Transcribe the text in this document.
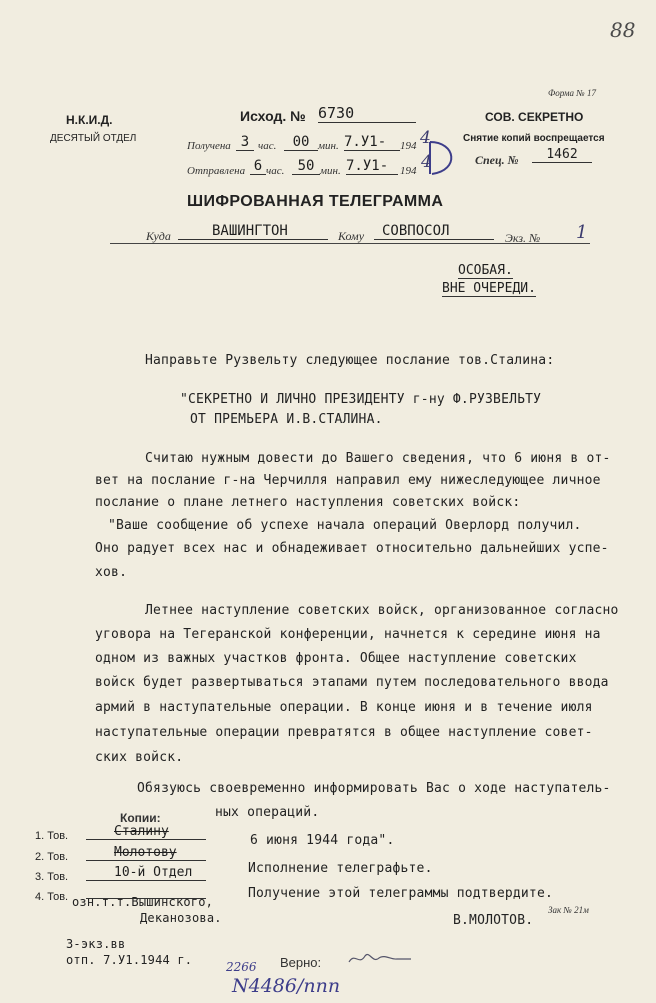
88
Форма № 17
Н.К.И.Д.
ДЕСЯТЫЙ ОТДЕЛ
Исход. № 6730
Получена 3 час.	00 мин. 7.У1-	194 4
Отправлена 6 час. 50 мин. 7.У1-	194 4
СОВ. СЕКРЕТНО
Снятие копий воспрещается
Спец. №	1462
ШИФРОВАННАЯ ТЕЛЕГРАММА
Куда	ВАШИНГТОН	Кому	СОВПОСОЛ	Экз. № 1
ОСОБАЯ.
ВНЕ ОЧЕРЕДИ.
Направьте Рузвельту следующее послание тов.Сталина:
"СЕКРЕТНО И ЛИЧНО ПРЕЗИДЕНТУ г-ну Ф.РУЗВЕЛЬТУ
ОТ ПРЕМЬЕРА И.В.СТАЛИНА.
Считаю нужным довести до Вашего сведения, что 6 июня в от-
вет на послание г-на Черчилля направил ему нижеследующее личное
послание о плане летнего наступления советских войск:
"Ваше сообщение об успехе начала операций Оверлорд получил.
Оно радует всех нас и обнадеживает относительно дальнейших успе-
хов.
Летнее наступление советских войск, организованное согласно
уговора на Тегеранской конференции, начнется к середине июня на
одном из важных участков фронта. Общее наступление советских
войск будет развертываться этапами путем последовательного ввода
армий в наступательные операции. В конце июня и в течение июля
наступательные операции превратятся в общее наступление совет-
ских войск.
Обязуюсь своевременно информировать Вас о ходе наступатель-
ных операций.
6 июня 1944 года".
Исполнение телеграфьте.
Получение этой телеграммы подтвердите.
Зак № 21м
В.МОЛОТОВ.
Копии:
1. Тов.	Сталину
2. Тов.	Молотову
3. Тов.	10-й Отдел
4. Тов. озн.т.т.Вышинского,
Деканозова.
3-экз.вв
отп. 7.У1.1944 г.	2266
N4486/ппп
Верно:
